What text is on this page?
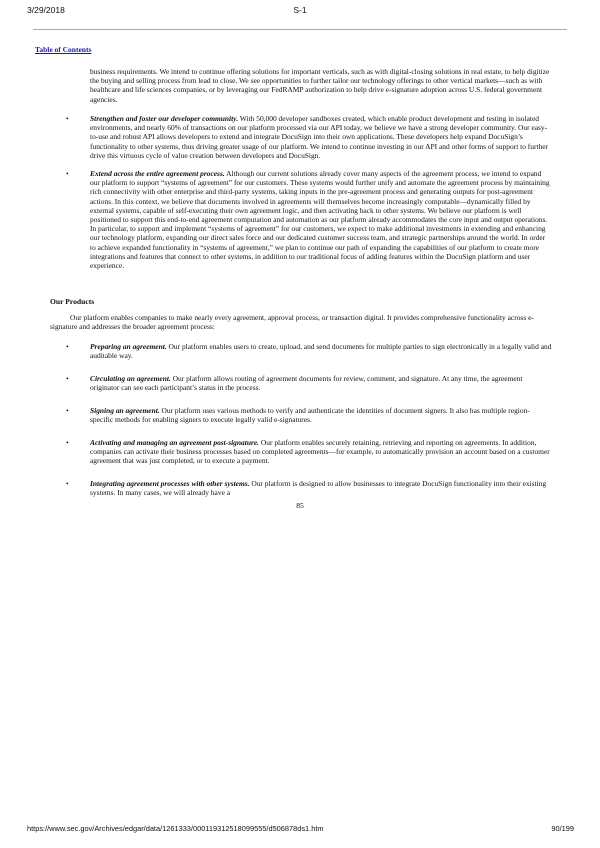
3/29/2018	S-1
Table of Contents

business requirements. We intend to continue offering solutions for important verticals, such as with digital-closing solutions in real estate, to help digitize the buying and selling process from lead to close. We see opportunities to further tailor our technology offerings to other vertical markets—such as with healthcare and life sciences companies, or by leveraging our FedRAMP authorization to help drive e-signature adoption across U.S. federal government agencies.

•	Strengthen and foster our developer community. With 50,000 developer sandboxes created, which enable product development and testing in isolated environments, and nearly 60% of transactions on our platform processed via our API today, we believe we have a strong developer community. Our easy-to-use and robust API allows developers to extend and integrate DocuSign into their own applications. These developers help expand DocuSign’s functionality to other systems, thus driving greater usage of our platform. We intend to continue investing in our API and other forms of support to further drive this virtuous cycle of value creation between developers and DocuSign.
•	Extend across the entire agreement process. Although our current solutions already cover many aspects of the agreement process, we intend to expand our platform to support “systems of agreement” for our customers. These systems would further unify and automate the agreement process by maintaining rich connectivity with other enterprise and third-party systems, taking inputs in the pre-agreement process and generating outputs for post-agreement actions. In this context, we believe that documents involved in agreements will themselves become increasingly computable—dynamically filled by external systems, capable of self-executing their own agreement logic, and then activating back to other systems. We believe our platform is well positioned to support this end-to-end agreement computation and automation as our platform already accommodates the core input and output operations. In particular, to support and implement “systems of agreement” for our customers, we expect to make additional investments in extending and enhancing our technology platform, expanding our direct sales force and our dedicated customer success team, and strategic partnerships around the world. In order to achieve expanded functionality in “systems of agreement,” we plan to continue our path of expanding the capabilities of our platform to create more integrations and features that connect to other systems, in addition to our traditional focus of adding features within the DocuSign platform and user experience.
Our Products

Our platform enables companies to make nearly every agreement, approval process, or transaction digital. It provides comprehensive functionality across e-signature and addresses the broader agreement process:

•	Preparing an agreement. Our platform enables users to create, upload, and send documents for multiple parties to sign electronically in a legally valid and auditable way.
•	Circulating an agreement. Our platform allows routing of agreement documents for review, comment, and signature. At any time, the agreement originator can see each participant’s status in the process.
•	Signing an agreement. Our platform uses various methods to verify and authenticate the identities of document signers. It also has multiple region-specific methods for enabling signers to execute legally valid e-signatures.
•	Activating and managing an agreement post-signature. Our platform enables securely retaining, retrieving and reporting on agreements. In addition, companies can activate their business processes based on completed agreements—for example, to automatically provision an account based on a customer agreement that was just completed, or to execute a payment.
•	Integrating agreement processes with other systems. Our platform is designed to allow businesses to integrate DocuSign functionality into their existing systems. In many cases, we will already have a
85
https://www.sec.gov/Archives/edgar/data/1261333/000119312518099555/d506878ds1.htm	90/199
